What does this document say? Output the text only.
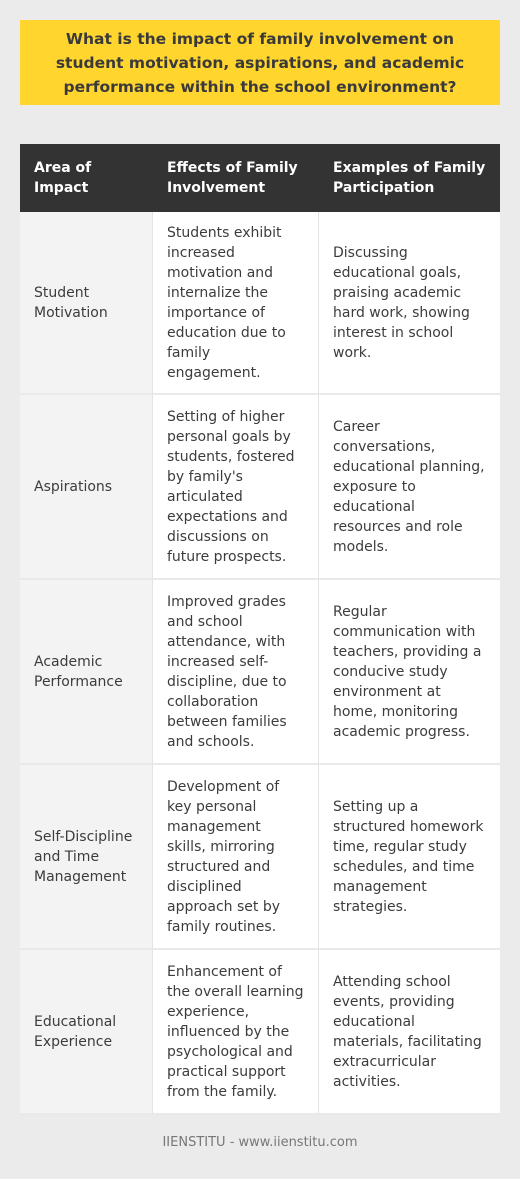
What is the impact of family involvement on student motivation, aspirations, and academic performance within the school environment?
Area of Impact	Effects of Family Involvement	Examples of Family Participation
Student Motivation	Students exhibit increased motivation and internalize the importance of education due to family engagement.	Discussing educational goals, praising academic hard work, showing interest in school work.
Aspirations	Setting of higher personal goals by students, fostered by family's articulated expectations and discussions on future prospects.	Career conversations, educational planning, exposure to educational resources and role models.
Academic Performance	Improved grades and school attendance, with increased self-discipline, due to collaboration between families and schools.	Regular communication with teachers, providing a conducive study environment at home, monitoring academic progress.
Self-Discipline and Time Management	Development of key personal management skills, mirroring structured and disciplined approach set by family routines.	Setting up a structured homework time, regular study schedules, and time management strategies.
Educational Experience	Enhancement of the overall learning experience, influenced by the psychological and practical support from the family.	Attending school events, providing educational materials, facilitating extracurricular activities.
IIENSTITU - www.iienstitu.com
